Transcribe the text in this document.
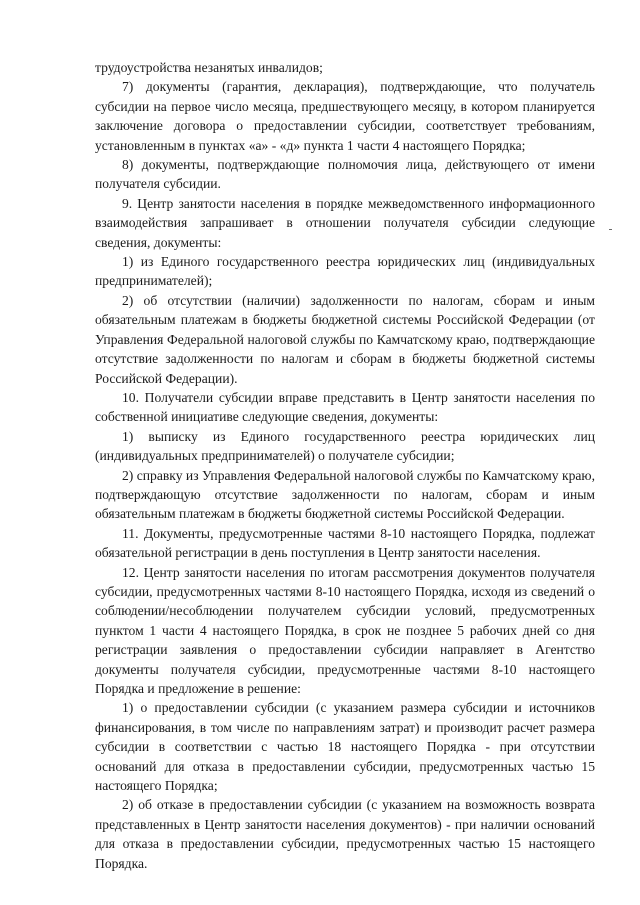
трудоустройства незанятых инвалидов;

7) документы (гарантия, декларация), подтверждающие, что получатель субсидии на первое число месяца, предшествующего месяцу, в котором планируется заключение договора о предоставлении субсидии, соответствует требованиям, установленным в пунктах «а» - «д» пункта 1 части 4 настоящего Порядка;

8) документы, подтверждающие полномочия лица, действующего от имени получателя субсидии.

9. Центр занятости населения в порядке межведомственного информационного взаимодействия запрашивает в отношении получателя субсидии следующие сведения, документы:

1) из Единого государственного реестра юридических лиц (индивидуальных предпринимателей);

2) об отсутствии (наличии) задолженности по налогам, сборам и иным обязательным платежам в бюджеты бюджетной системы Российской Федерации (от Управления Федеральной налоговой службы по Камчатскому краю, подтверждающие отсутствие задолженности по налогам и сборам в бюджеты бюджетной системы Российской Федерации).

10. Получатели субсидии вправе представить в Центр занятости населения по собственной инициативе следующие сведения, документы:

1) выписку из Единого государственного реестра юридических лиц (индивидуальных предпринимателей) о получателе субсидии;

2) справку из Управления Федеральной налоговой службы по Камчатскому краю, подтверждающую отсутствие задолженности по налогам, сборам и иным обязательным платежам в бюджеты бюджетной системы Российской Федерации.

11. Документы, предусмотренные частями 8-10 настоящего Порядка, подлежат обязательной регистрации в день поступления в Центр занятости населения.

12. Центр занятости населения по итогам рассмотрения документов получателя субсидии, предусмотренных частями 8-10 настоящего Порядка, исходя из сведений о соблюдении/несоблюдении получателем субсидии условий, предусмотренных пунктом 1 части 4 настоящего Порядка, в срок не позднее 5 рабочих дней со дня регистрации заявления о предоставлении субсидии направляет в Агентство документы получателя субсидии, предусмотренные частями 8-10 настоящего Порядка и предложение в решение:

1) о предоставлении субсидии (с указанием размера субсидии и источников финансирования, в том числе по направлениям затрат) и производит расчет размера субсидии в соответствии с частью 18 настоящего Порядка - при отсутствии оснований для отказа в предоставлении субсидии, предусмотренных частью 15 настоящего Порядка;

2) об отказе в предоставлении субсидии (с указанием на возможность возврата представленных в Центр занятости населения документов) - при наличии оснований для отказа в предоставлении субсидии, предусмотренных частью 15 настоящего Порядка.
